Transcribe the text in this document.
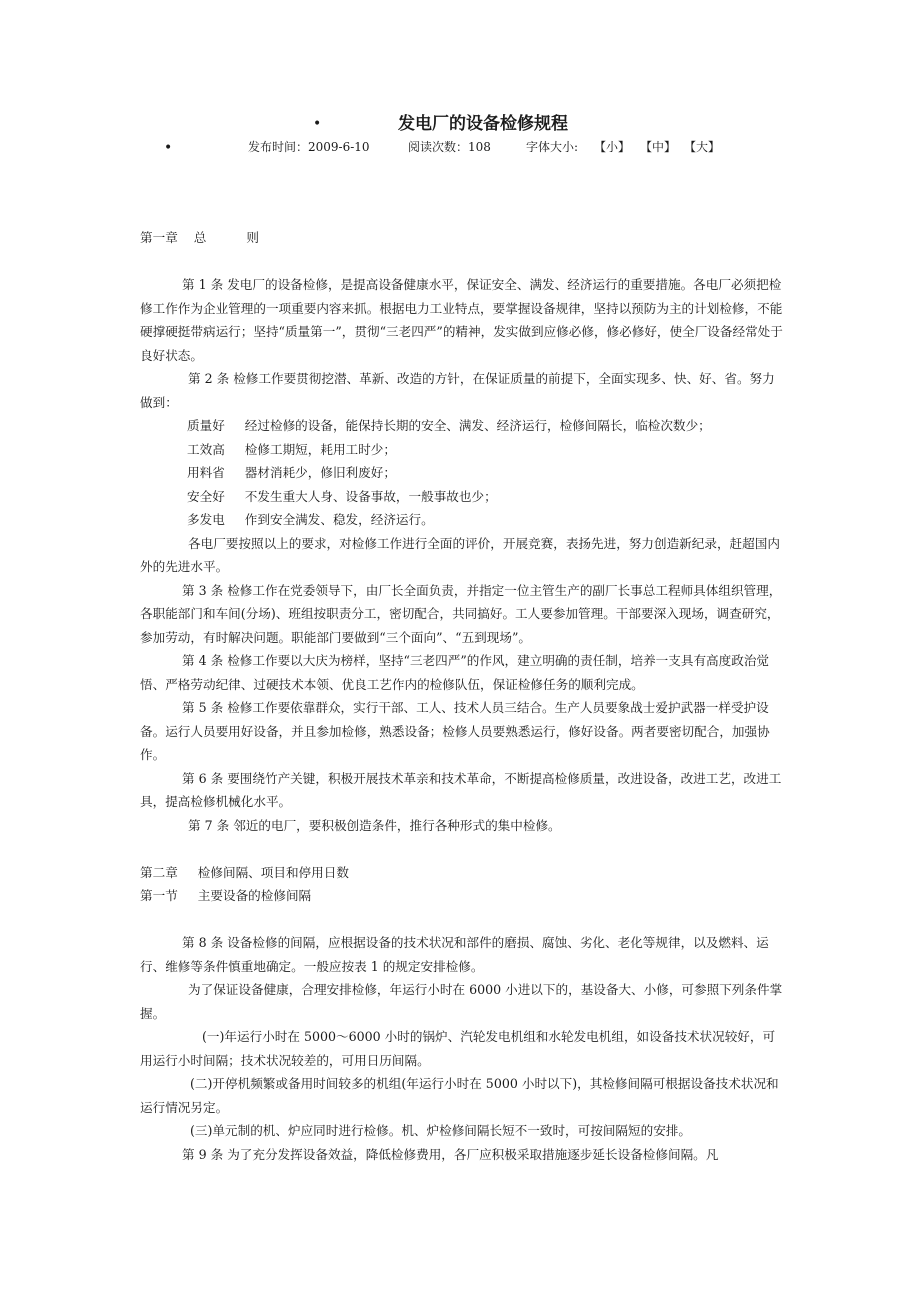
•	发电厂的设备检修规程
•	发布时间：2009-6-10	阅读次数：108	字体大小: 【小】 【中】 【大】

第一章    总          则

第 1 条 发电厂的设备检修，是提高设备健康水平，保证安全、满发、经济运行的重要措施。各电厂必须把检修工作作为企业管理的一项重要内容来抓。根据电力工业特点，要掌握设备规律，坚持以预防为主的计划检修，不能硬撑硬挺带病运行；坚持“质量第一”，贯彻“三老四严”的精神，发实做到应修必修，修必修好，使全厂设备经常处于良好状态。

第 2 条 检修工作要贯彻挖潜、革新、改造的方针，在保证质量的前提下，全面实现多、快、好、省。努力做到：

质量好     经过检修的设备，能保持长期的安全、满发、经济运行，检修间隔长，临检次数少；

工效高     检修工期短，耗用工时少；

用料省     器材消耗少，修旧利废好；

安全好     不发生重大人身、设备事故，一般事故也少；

多发电     作到安全满发、稳发，经济运行。

各电厂要按照以上的要求，对检修工作进行全面的评价，开展竞赛，表扬先进，努力创造新纪录，赶超国内外的先进水平。

第 3 条 检修工作在党委领导下，由厂长全面负责，并指定一位主管生产的副厂长事总工程师具体组织管理，各职能部门和车间(分场)、班组按职责分工，密切配合，共同搞好。工人要参加管理。干部要深入现场，调查研究，参加劳动，有时解决问题。职能部门要做到“三个面向”、“五到现场”。

第 4 条 检修工作要以大庆为榜样，坚持“三老四严”的作风，建立明确的责任制，培养一支具有高度政治觉悟、严格劳动纪律、过硬技术本领、优良工艺作内的检修队伍，保证检修任务的顺利完成。

第 5 条 检修工作要依靠群众，实行干部、工人、技术人员三结合。生产人员要象战士爱护武器一样受护设备。运行人员要用好设备，并且参加检修，熟悉设备；检修人员要熟悉运行，修好设备。两者要密切配合，加强协作。

第 6 条 要围绕竹产关键，积极开展技术革亲和技术革命，不断提高检修质量，改进设备，改进工艺，改进工具，提高检修机械化水平。

第 7 条 邻近的电厂，要积极创造条件，推行各种形式的集中检修。

第二章     检修间隔、项目和停用日数

第一节     主要设备的检修间隔

第 8 条 设备检修的间隔，应根据设备的技术状况和部件的磨损、腐蚀、劣化、老化等规律，以及燃料、运行、维修等条件慎重地确定。一般应按表 1 的规定安排检修。

为了保证设备健康，合理安排检修，年运行小时在 6000 小进以下的，基设备大、小修，可参照下列条件掌握。

(一)年运行小时在 5000～6000 小时的锅炉、汽轮发电机组和水轮发电机组，如设备技术状况较好，可用运行小时间隔；技术状况较差的，可用日历间隔。

(二)开停机频繁或备用时间较多的机组(年运行小时在 5000 小时以下)，其检修间隔可根据设备技术状况和运行情况另定。

(三)单元制的机、炉应同时进行检修。机、炉检修间隔长短不一致时，可按间隔短的安排。

第 9 条 为了充分发挥设备效益，降低检修费用，各厂应积极采取措施逐步延长设备检修间隔。凡
